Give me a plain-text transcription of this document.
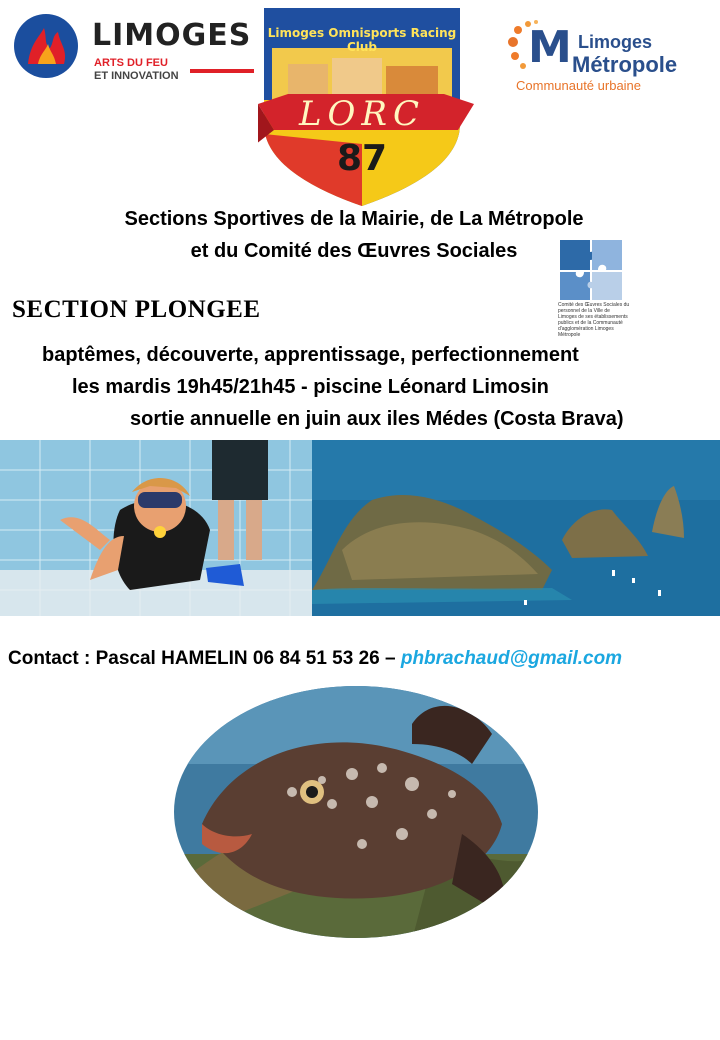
LIMOGES
ARTS DU FEU
ET INNOVATION
Limoges Omnisports Racing Club
LORC
87
M Limoges
Métropole
Communauté urbaine
Sections Sportives de la Mairie, de La Métropole
et du Comité des Œuvres Sociales
Comité des Œuvres Sociales du personnel de la Ville de Limoges de ses établissements publics et de la Communauté d'agglomération Limoges Métropole
SECTION PLONGEE
baptêmes, découverte, apprentissage, perfectionnement
les mardis 19h45/21h45 - piscine Léonard Limosin
sortie annuelle en juin aux iles Médes (Costa Brava)
Contact : Pascal HAMELIN 06 84 51 53 26 – phbrachaud@gmail.com
